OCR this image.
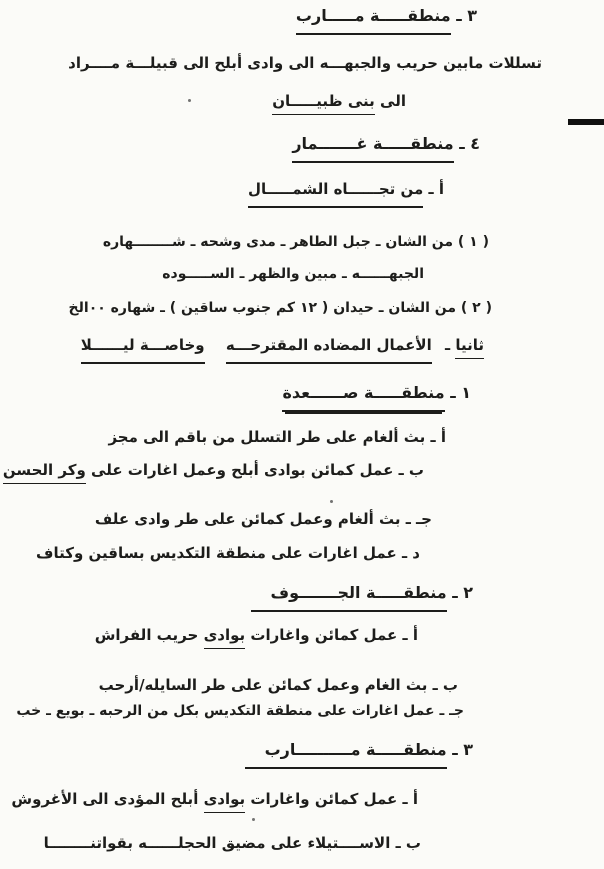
٣ ـ منطقـــــة مـــــارب
تسللات مابين حريب والجبهـــه الى وادى أبلح الى قبيلـــة مــــراد
الى بنى ظبيـــــان
٤ ـ منطقـــــة غـــــــمار
أ ـ من تجــــــاه الشمـــــال
( ١ ) من الشان ـ جبل الطاهر ـ مدى وشحه ـ شــــــــهاره
الجبهــــــه ـ مبين والظهر ـ الســـــوده
( ٢ ) من الشان ـ حيدان ( ١٢ كم جنوب ساقين ) ـ شهاره ٠٠الخ
ثانيا ـ الأعمال المضاده المقترحـــه وخاصـــة ليــــــلا
١ ـ منطقـــــة صــــــعدة
أ ـ بث ألغام على طر التسلل من باقم الى مجز
ب ـ عمل كمائن بوادى أبلح وعمل اغارات على وكر الحسن
جـ ـ بث ألغام وعمل كمائن على طر وادى علف
د ـ عمل اغارات على منطقة التكديس بساقين وكتاف
٢ ـ منطقـــــة الجـــــــوف
أ ـ عمل كمائن واغارات بوادى حريب الفراش
ب ـ بث الغام وعمل كمائن على طر السايله/أرحب
جـ ـ عمل اغارات على منطقة التكديس بكل من الرحبه ـ بويع ـ خب
٣ ـ منطقـــــة مــــــــــارب
أ ـ عمل كمائن واغارات بوادى أبلح المؤدى الى الأغروش
ب ـ الاســــتيلاء على مضيق الحجلــــــه بقواتنــــــــا
